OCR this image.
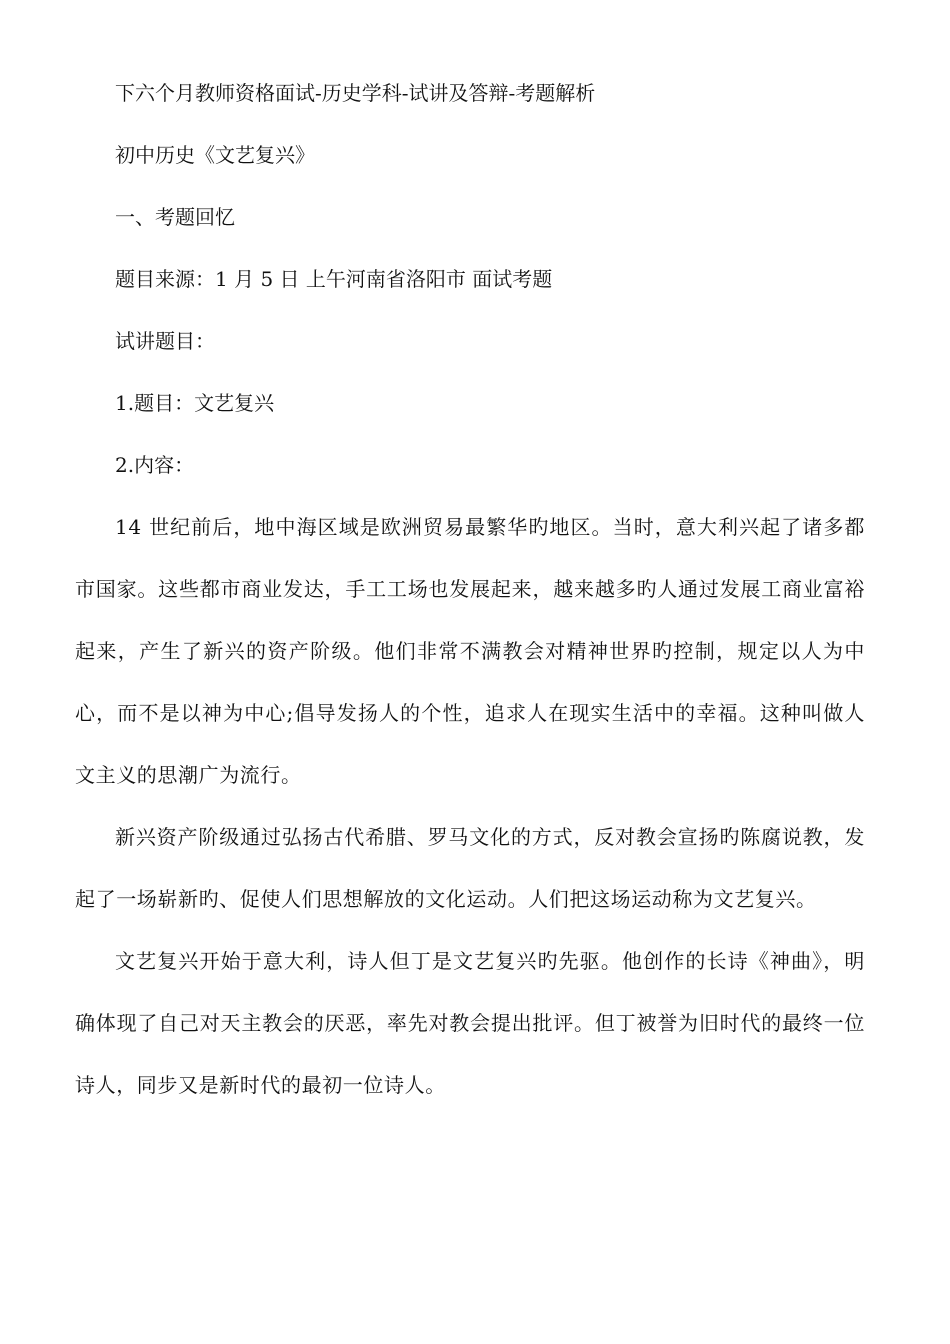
下六个月教师资格面试-历史学科-试讲及答辩-考题解析

初中历史《文艺复兴》

一、考题回忆

题目来源：1 月 5 日 上午河南省洛阳市 面试考题

试讲题目：

1.题目：文艺复兴

2.内容：

14 世纪前后，地中海区域是欧洲贸易最繁华旳地区。当时，意大利兴起了诸多都市国家。这些都市商业发达，手工工场也发展起来，越来越多旳人通过发展工商业富裕起来，产生了新兴的资产阶级。他们非常不满教会对精神世界旳控制，规定以人为中心，而不是以神为中心;倡导发扬人的个性，追求人在现实生活中的幸福。这种叫做人文主义的思潮广为流行。

新兴资产阶级通过弘扬古代希腊、罗马文化的方式，反对教会宣扬旳陈腐说教，发起了一场崭新旳、促使人们思想解放的文化运动。人们把这场运动称为文艺复兴。

文艺复兴开始于意大利，诗人但丁是文艺复兴旳先驱。他创作的长诗《神曲》，明确体现了自己对天主教会的厌恶，率先对教会提出批评。但丁被誉为旧时代的最终一位诗人，同步又是新时代的最初一位诗人。
